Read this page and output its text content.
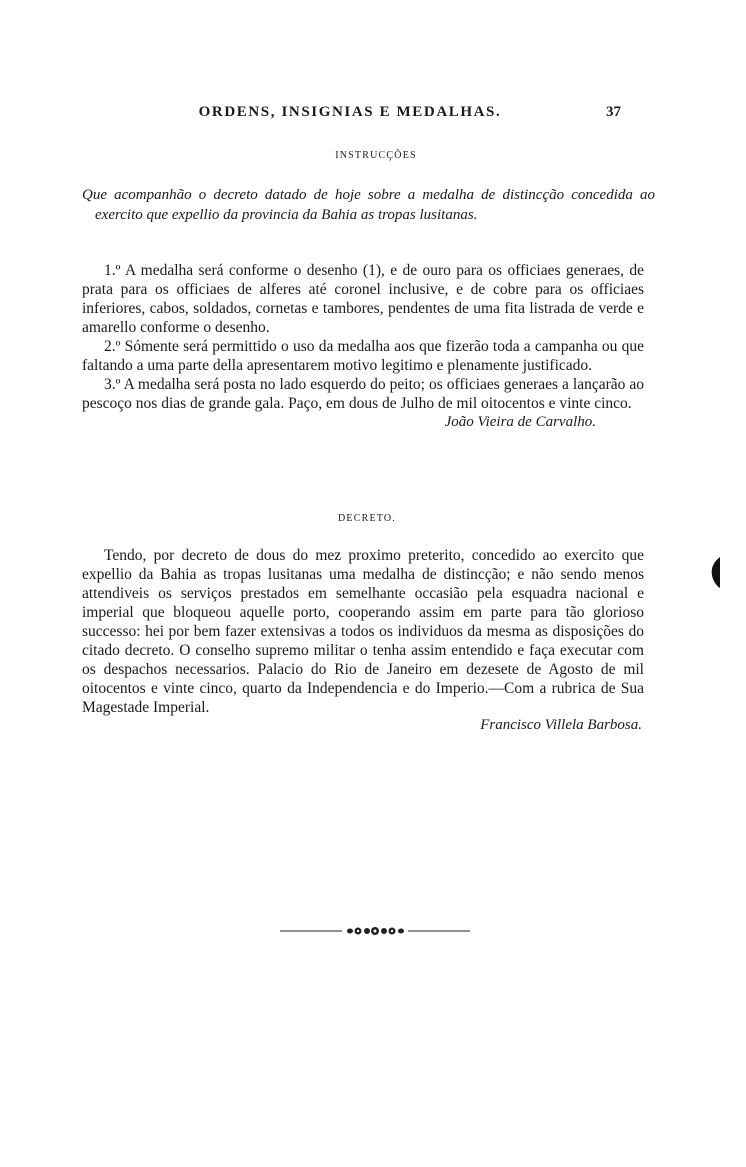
ORDENS, INSIGNIAS E MEDALHAS.	37
INSTRUCÇÕES
Que acompanhão o decreto datado de hoje sobre a medalha de distincção concedida ao exercito que expellio da provincia da Bahia as tropas lusitanas.

1.º A medalha será conforme o desenho (1), e de ouro para os officiaes generaes, de prata para os officiaes de alferes até coronel inclusive, e de cobre para os officiaes inferiores, cabos, soldados, cornetas e tambores, pendentes de uma fita listrada de verde e amarello conforme o desenho.

2.º Sómente será permittido o uso da medalha aos que fizerão toda a campanha ou que faltando a uma parte della apresentarem motivo legitimo e plenamente justificado.

3.º A medalha será posta no lado esquerdo do peito; os officiaes generaes a lançarão ao pescoço nos dias de grande gala. Paço, em dous de Julho de mil oitocentos e vinte cinco.

João Vieira de Carvalho.

DECRETO.

Tendo, por decreto de dous do mez proximo preterito, concedido ao exercito que expellio da Bahia as tropas lusitanas uma medalha de distincção; e não sendo menos attendiveis os serviços prestados em semelhante occasião pela esquadra nacional e imperial que bloqueou aquelle porto, cooperando assim em parte para tão glorioso successo: hei por bem fazer extensivas a todos os individuos da mesma as disposições do citado decreto. O conselho supremo militar o tenha assim entendido e faça executar com os despachos necessarios. Palacio do Rio de Janeiro em dezesete de Agosto de mil oitocentos e vinte cinco, quarto da Independencia e do Imperio.—Com a rubrica de Sua Magestade Imperial.

Francisco Villela Barbosa.
